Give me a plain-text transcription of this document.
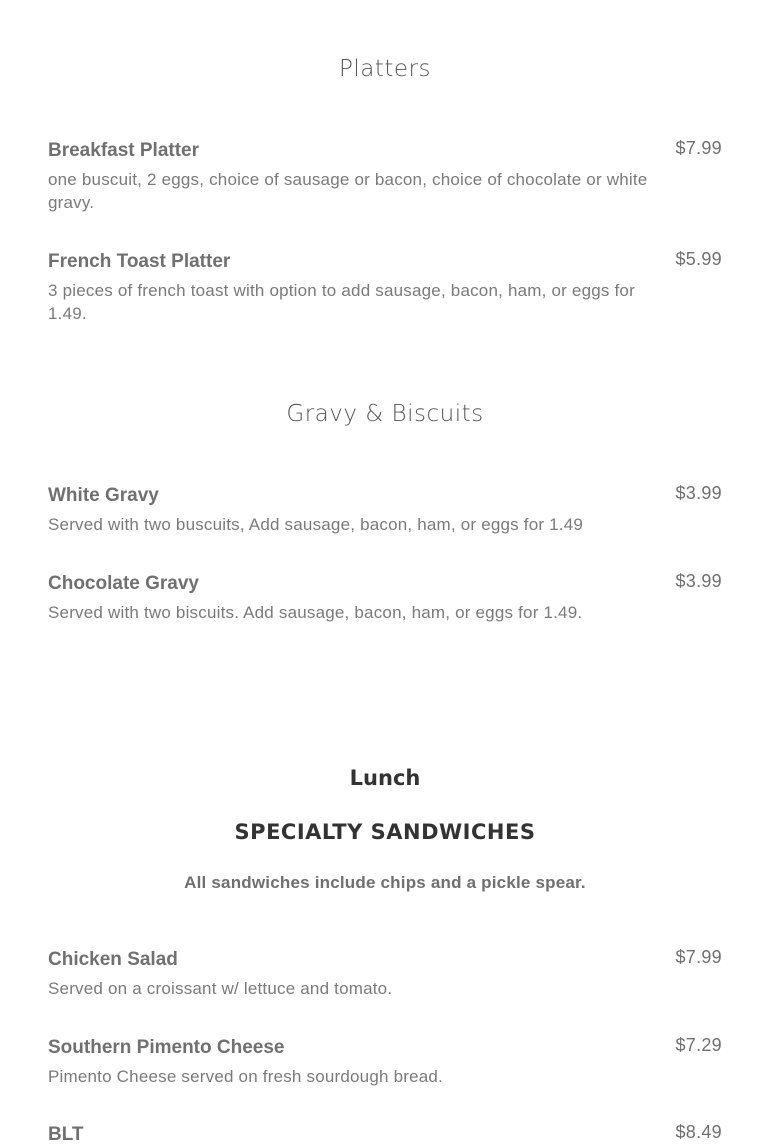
Platters
Breakfast Platter	$7.99
one buscuit, 2 eggs, choice of sausage or bacon, choice of chocolate or white gravy.
French Toast Platter	$5.99
3 pieces of french toast with option to add sausage, bacon, ham, or eggs for 1.49.
Gravy & Biscuits
White Gravy	$3.99
Served with two buscuits, Add sausage, bacon, ham, or eggs for 1.49
Chocolate Gravy	$3.99
Served with two biscuits. Add sausage, bacon, ham, or eggs for 1.49.
Lunch
SPECIALTY SANDWICHES
All sandwiches include chips and a pickle spear.
Chicken Salad	$7.99
Served on a croissant w/ lettuce and tomato.
Southern Pimento Cheese	$7.29
Pimento Cheese served on fresh sourdough bread.
BLT	$8.49
